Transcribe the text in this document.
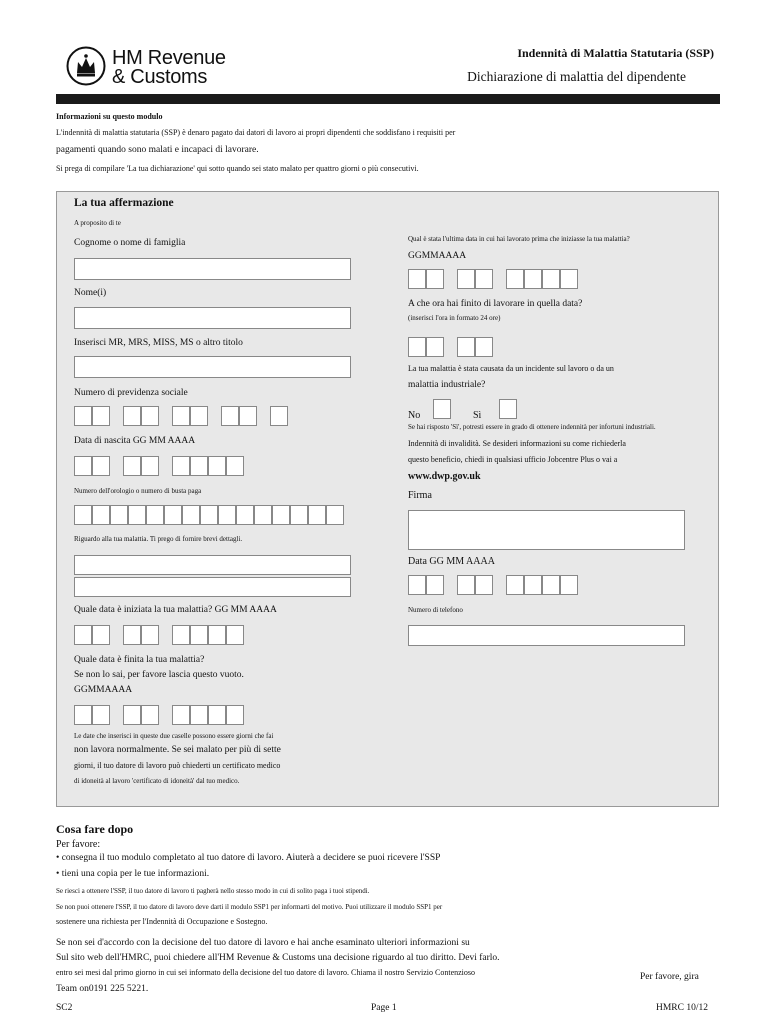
HM Revenue
& Customs
Indennità di Malattia Statutaria (SSP)
Dichiarazione di malattia del dipendente
Informazioni su questo modulo
L'indennità di malattia statutaria (SSP) è denaro pagato dai datori di lavoro ai propri dipendenti che soddisfano i requisiti per
pagamenti quando sono malati e incapaci di lavorare.
Si prega di compilare 'La tua dichiarazione' qui sotto quando sei stato malato per quattro giorni o più consecutivi.
La tua affermazione
A proposito di te
Cognome o nome di famiglia
Nome(i)
Inserisci MR, MRS, MISS, MS o altro titolo
Numero di previdenza sociale
Data di nascita GG MM AAAA
Numero dell'orologio o numero di busta paga
Riguardo alla tua malattia. Ti prego di fornire brevi dettagli.
Quale data è iniziata la tua malattia? GG MM AAAA
Quale data è finita la tua malattia?
Se non lo sai, per favore lascia questo vuoto.
GGMMAAAA
Le date che inserisci in queste due caselle possono essere giorni che fai
non lavora normalmente. Se sei malato per più di sette
giorni, il tuo datore di lavoro può chiederti un certificato medico
di idoneità al lavoro 'certificato di idoneità' dal tuo medico.
Qual è stata l'ultima data in cui hai lavorato prima che iniziasse la tua malattia?
GGMMAAAA
A che ora hai finito di lavorare in quella data?
(inserisci l'ora in formato 24 ore)
La tua malattia è stata causata da un incidente sul lavoro o da un
malattia industriale?
No	Sì
Se hai risposto 'Sì', potresti essere in grado di ottenere indennità per infortuni industriali.
Indennità di invalidità. Se desideri informazioni su come richiederla
questo beneficio, chiedi in qualsiasi ufficio Jobcentre Plus o vai a
www.dwp.gov.uk
Firma
Data GG MM AAAA
Numero di telefono
Cosa fare dopo
Per favore:
• consegna il tuo modulo completato al tuo datore di lavoro. Aiuterà a decidere se puoi ricevere l'SSP
• tieni una copia per le tue informazioni.
Se riesci a ottenere l'SSP, il tuo datore di lavoro ti pagherà nello stesso modo in cui di solito paga i tuoi stipendi.
Se non puoi ottenere l'SSP, il tuo datore di lavoro deve darti il modulo SSP1 per informarti del motivo. Puoi utilizzare il modulo SSP1 per
sostenere una richiesta per l'Indennità di Occupazione e Sostegno.
Se non sei d'accordo con la decisione del tuo datore di lavoro e hai anche esaminato ulteriori informazioni su
Sul sito web dell'HMRC, puoi chiedere all'HM Revenue & Customs una decisione riguardo al tuo diritto. Devi farlo.
entro sei mesi dal primo giorno in cui sei informato della decisione del tuo datore di lavoro. Chiama il nostro Servizio Contenzioso
Team on0191 225 5221.
Per favore, gira
SC2	Page 1	HMRC 10/12
